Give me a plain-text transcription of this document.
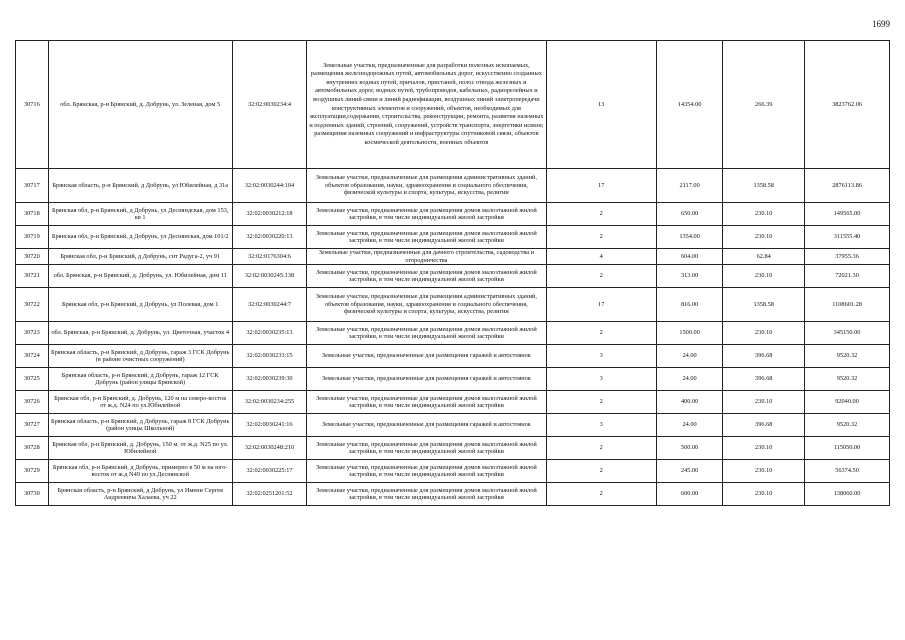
1699
30716	обл. Брянская, р-н Брянский, д. Добрунь, ул. Зеленая, дом 5	32:02:0030234:4	Земельные участки, предназначенные для разработки полезных ископаемых, размещения железнодорожных путей, автомобильных дорог, искусственно созданных внутренних водных путей, причалов, пристаней, полос отвода железных и автомобильных дорог, водных путей, трубопроводов, кабельных, радиорелейных и воздушных линий связи и линий радиофикации, воздушных линий электропередачи конструктивных элементов и сооружений, объектов, необходимых для эксплуатации,содержания, строительства, реконструкции, ремонта, развития наземных и подземных зданий, строений, сооружений, устройств транспорта, энергетики исвязи; размещения наземных сооружений и инфраструктуры спутниковой связи, объектов космической деятельности, военных объектов	13	14354.00	266.39	3823762.06
30717	Брянская область, р-н Брянский, д Добрунь, ул Юбилейная, д 31а	32:02:0030244:104	Земельные участки, предназначенные для размещения административных зданий, объектов образования, науки, здравоохранения и социального обеспечения, физической культуры и спорта, культуры, искусства, религии	17	2117.00	1358.58	2876113.86
30718	Брянская обл, р-н Брянский, д Добрунь, ул Десняндская, дом 153, кв 1	32:02:0030212:18	Земельные участки, предназначенные для размещения домов малоэтажной жилой застройки, в том числе индивидуальной жилой застройки	2	650.00	230.10	149565.00
30719	Брянская обл, р-н Брянский, д Добрунь, ул Деснянская, дом 101/2	32:02:0030220:13	Земельные участки, предназначенные для размещения домов малоэтажной жилой застройки, в том числе индивидуальной жилой застройки	2	1354.00	230.10	311555.40
30720	Брянская обл, р-н Брянский, д Добрунь, снт Радуга-2, уч 91	32:02:0176304:6	Земельные участки, предназначенные для дачного строительства, садоводства и огородничества	4	604.00	62.84	37955.36
30721	обл. Брянская, р-н Брянский, д. Добрунь, ул. Юбилейная, дом 11	32:02:0030245:138	Земельные участки, предназначенные для размещения домов малоэтажной жилой застройки, в том числе индивидуальной жилой застройки	2	313.00	230.10	72021.30
30722	Брянская обл, р-н Брянский, д Добрунь, ул Полевая, дом 1	32:02:0030244:7	Земельные участки, предназначенные для размещения административных зданий, объектов образования, науки, здравоохранения и социального обеспечения, физической культуры и спорта, культуры, искусства, религии	17	816.00	1358.58	1108601.28
30723	обл. Брянская, р-н Брянский, д. Добрунь, ул. Цветочная, участок 4	32:02:0030235:13	Земельные участки, предназначенные для размещения домов малоэтажной жилой застройки, в том числе индивидуальной жилой застройки	2	1500.00	230.10	345150.00
30724	Брянская область, р-н Брянский, д Добрунь, гараж 3 ГСК Добрунь (в районе очистных сооружений)	32:02:0030233:15	Земельные участки, предназначенные для размещения гаражей и автостоянок	3	24.00	396.68	9520.32
30725	Брянская область, р-н Брянский, д Добрунь, гараж 12 ГСК Добрунь (район улицы Брянской)	32:02:0030239:30	Земельные участки, предназначенные для размещения гаражей и автостоянок	3	24.00	396.68	9520.32
30726	Брянская обл, р-н Брянский, д. Добрунь, 120 м на северо-восток от ж.д. N24 по ул.Юбилейной	32:02:0030234:255	Земельные участки, предназначенные для размещения домов малоэтажной жилой застройки, в том числе индивидуальной жилой застройки	2	400.00	230.10	92040.00
30727	Брянская область, р-н Брянский, д Добрунь, гараж 8 ГСК Добрунь (район улицы Школьной)	32:02:0030241:16	Земельные участки, предназначенные для размещения гаражей и автостоянок	3	24.00	396.68	9520.32
30728	Брянская обл, р-н Брянский, д. Добрунь, 150 м. от ж.д. N25 по ул. Юбилейной	32:02:0030248:210	Земельные участки, предназначенные для размещения домов малоэтажной жилой застройки, в том числе индивидуальной жилой застройки	2	500.00	230.10	115050.00
30729	Брянская обл, р-н Брянский, д Добрунь, примерно в 50 м на юго-восток от ж.д N49 по ул.Деснянской	32:02:0030225:17	Земельные участки, предназначенные для размещения домов малоэтажной жилой застройки, в том числе индивидуальной жилой застройки	2	245.00	230.10	56374.50
30730	Брянская область, р-н Брянский, д Добрунь, ул Имени Сергея Андреевича Халаева, уч 22	32:02:0251201:52	Земельные участки, предназначенные для размещения домов малоэтажной жилой застройки, в том числе индивидуальной жилой застройки	2	600.00	230.10	138060.00
